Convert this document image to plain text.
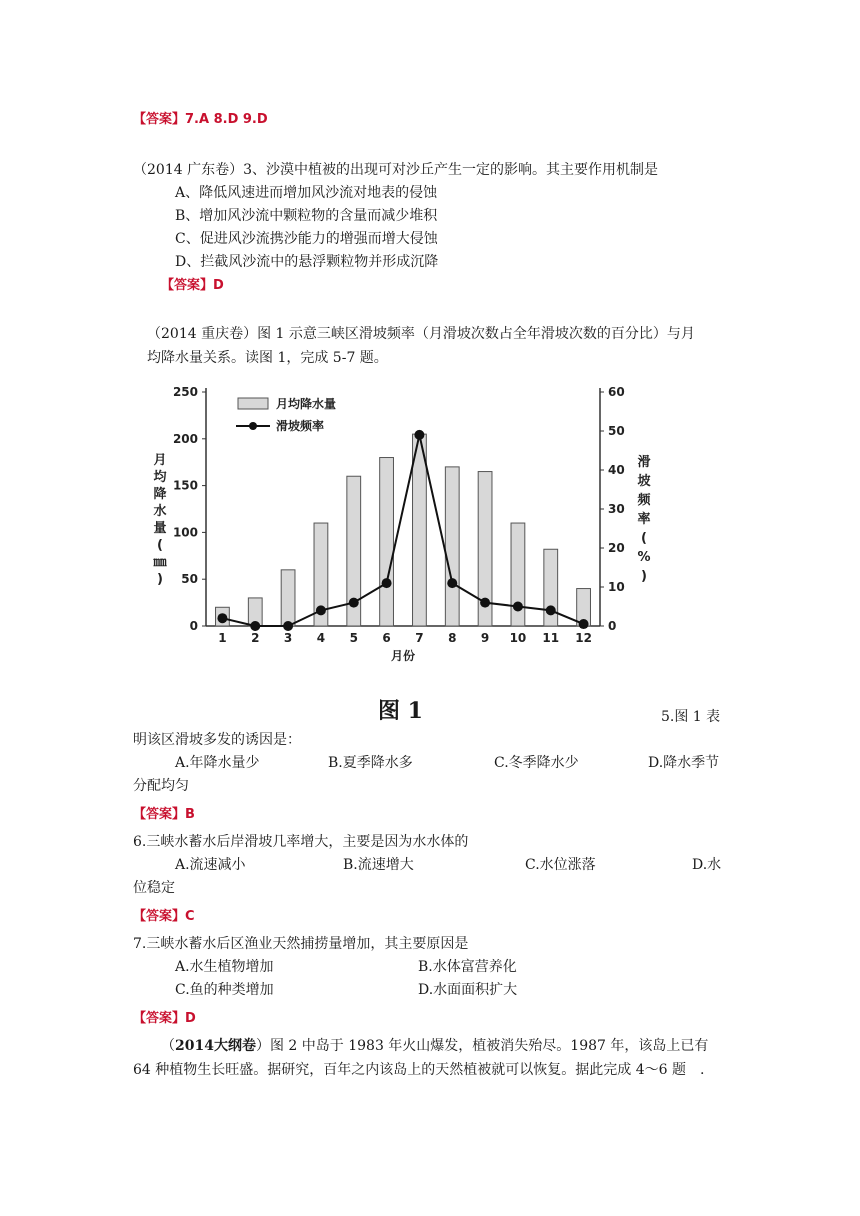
【答案】7.A 8.D 9.D
（2014 广东卷）3、沙漠中植被的出现可对沙丘产生一定的影响。其主要作用机制是
A、降低风速进而增加风沙流对地表的侵蚀
B、增加风沙流中颗粒物的含量而减少堆积
C、促进风沙流携沙能力的增强而增大侵蚀
D、拦截风沙流中的悬浮颗粒物并形成沉降
【答案】D
（2014 重庆卷）图 1 示意三峡区滑坡频率（月滑坡次数占全年滑坡次数的百分比）与月
均降水量关系。读图 1，完成 5-7 题。
0
50
100
150
200
250
0
10
20
30
40
50
60
1 2 3 4 5 6 7 8 9 10 11 12
月份
月
均
降
水
量
(
㎜
)
滑
坡
频
率
(
%
)
月均降水量
滑坡频率
图 1	5.图 1 表
明该区滑坡多发的诱因是：
A.年降水量少	B.夏季降水多	C.冬季降水少	D.降水季节
分配均匀
【答案】B
6.三峡水蓄水后岸滑坡几率增大，主要是因为水水体的
A.流速减小	B.流速增大	C.水位涨落	D.水
位稳定
【答案】C
7.三峡水蓄水后区渔业天然捕捞量增加，其主要原因是
A.水生植物增加	B.水体富营养化
C.鱼的种类增加	D.水面面积扩大
【答案】D
（2014大纲卷）图 2 中岛于 1983 年火山爆发，植被消失殆尽。1987 年，该岛上已有
64 种植物生长旺盛。据研究，百年之内该岛上的天然植被就可以恢复。据此完成 4～6 题　.
